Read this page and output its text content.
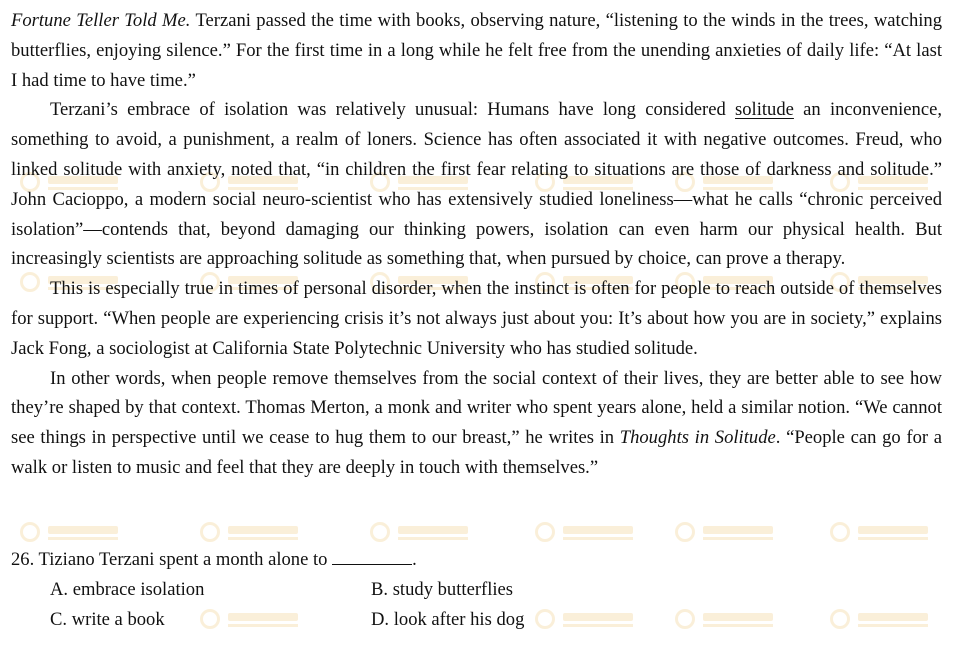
Fortune Teller Told Me. Terzani passed the time with books, observing nature, “listening to the winds in the trees, watching butterflies, enjoying silence.” For the first time in a long while he felt free from the unending anxieties of daily life: “At last I had time to have time.”

Terzani’s embrace of isolation was relatively unusual: Humans have long considered solitude an inconvenience, something to avoid, a punishment, a realm of loners. Science has often associated it with negative outcomes. Freud, who linked solitude with anxiety, noted that, “in children the first fear relating to situations are those of darkness and solitude.” John Cacioppo, a modern social neuro-scientist who has extensively studied loneliness—what he calls “chronic perceived isolation”—contends that, beyond damaging our thinking powers, isolation can even harm our physical health. But increasingly scientists are approaching solitude as something that, when pursued by choice, can prove a therapy.

This is especially true in times of personal disorder, when the instinct is often for people to reach outside of themselves for support. “When people are experiencing crisis it’s not always just about you: It’s about how you are in society,” explains Jack Fong, a sociologist at California State Polytechnic University who has studied solitude.

In other words, when people remove themselves from the social context of their lives, they are better able to see how they’re shaped by that context. Thomas Merton, a monk and writer who spent years alone, held a similar notion. “We cannot see things in perspective until we cease to hug them to our breast,” he writes in Thoughts in Solitude. “People can go for a walk or listen to music and feel that they are deeply in touch with themselves.”

26. Tiziano Terzani spent a month alone to	.
A. embrace isolation	B. study butterflies
C. write a book	D. look after his dog
